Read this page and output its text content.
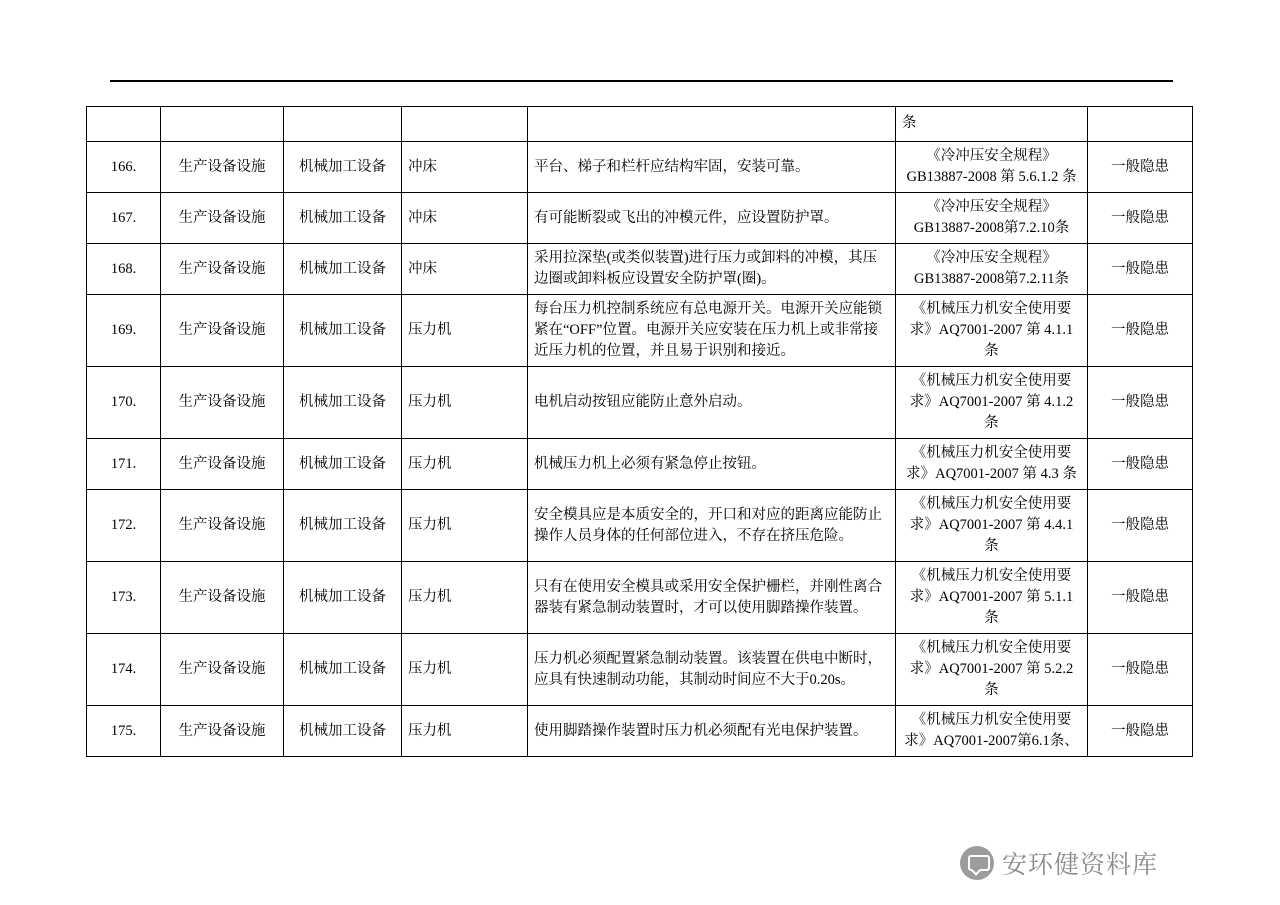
					条	
166.	生产设备设施	机械加工设备	冲床	平台、梯子和栏杆应结构牢固，安装可靠。	《冷冲压安全规程》GB13887-2008 第 5.6.1.2 条	一般隐患
167.	生产设备设施	机械加工设备	冲床	有可能断裂或飞出的冲模元件，应设置防护罩。	《冷冲压安全规程》GB13887-2008第7.2.10条	一般隐患
168.	生产设备设施	机械加工设备	冲床	采用拉深垫(或类似装置)进行压力或卸料的冲模，其压边圈或卸料板应设置安全防护罩(圈)。	《冷冲压安全规程》GB13887-2008第7.2.11条	一般隐患
169.	生产设备设施	机械加工设备	压力机	每台压力机控制系统应有总电源开关。电源开关应能锁紧在“OFF”位置。电源开关应安装在压力机上或非常接近压力机的位置，并且易于识别和接近。	《机械压力机安全使用要求》AQ7001-2007 第 4.1.1 条	一般隐患
170.	生产设备设施	机械加工设备	压力机	电机启动按钮应能防止意外启动。	《机械压力机安全使用要求》AQ7001-2007 第 4.1.2 条	一般隐患
171.	生产设备设施	机械加工设备	压力机	机械压力机上必须有紧急停止按钮。	《机械压力机安全使用要求》AQ7001-2007 第 4.3 条	一般隐患
172.	生产设备设施	机械加工设备	压力机	安全模具应是本质安全的，开口和对应的距离应能防止操作人员身体的任何部位进入，不存在挤压危险。	《机械压力机安全使用要求》AQ7001-2007 第 4.4.1 条	一般隐患
173.	生产设备设施	机械加工设备	压力机	只有在使用安全模具或采用安全保护栅栏，并刚性离合器装有紧急制动装置时，才可以使用脚踏操作装置。	《机械压力机安全使用要求》AQ7001-2007 第 5.1.1 条	一般隐患
174.	生产设备设施	机械加工设备	压力机	压力机必须配置紧急制动装置。该装置在供电中断时，应具有快速制动功能，其制动时间应不大于0.20s。	《机械压力机安全使用要求》AQ7001-2007 第 5.2.2 条	一般隐患
175.	生产设备设施	机械加工设备	压力机	使用脚踏操作装置时压力机必须配有光电保护装置。	《机械压力机安全使用要求》AQ7001-2007第6.1条、	一般隐患
安环健资料库
